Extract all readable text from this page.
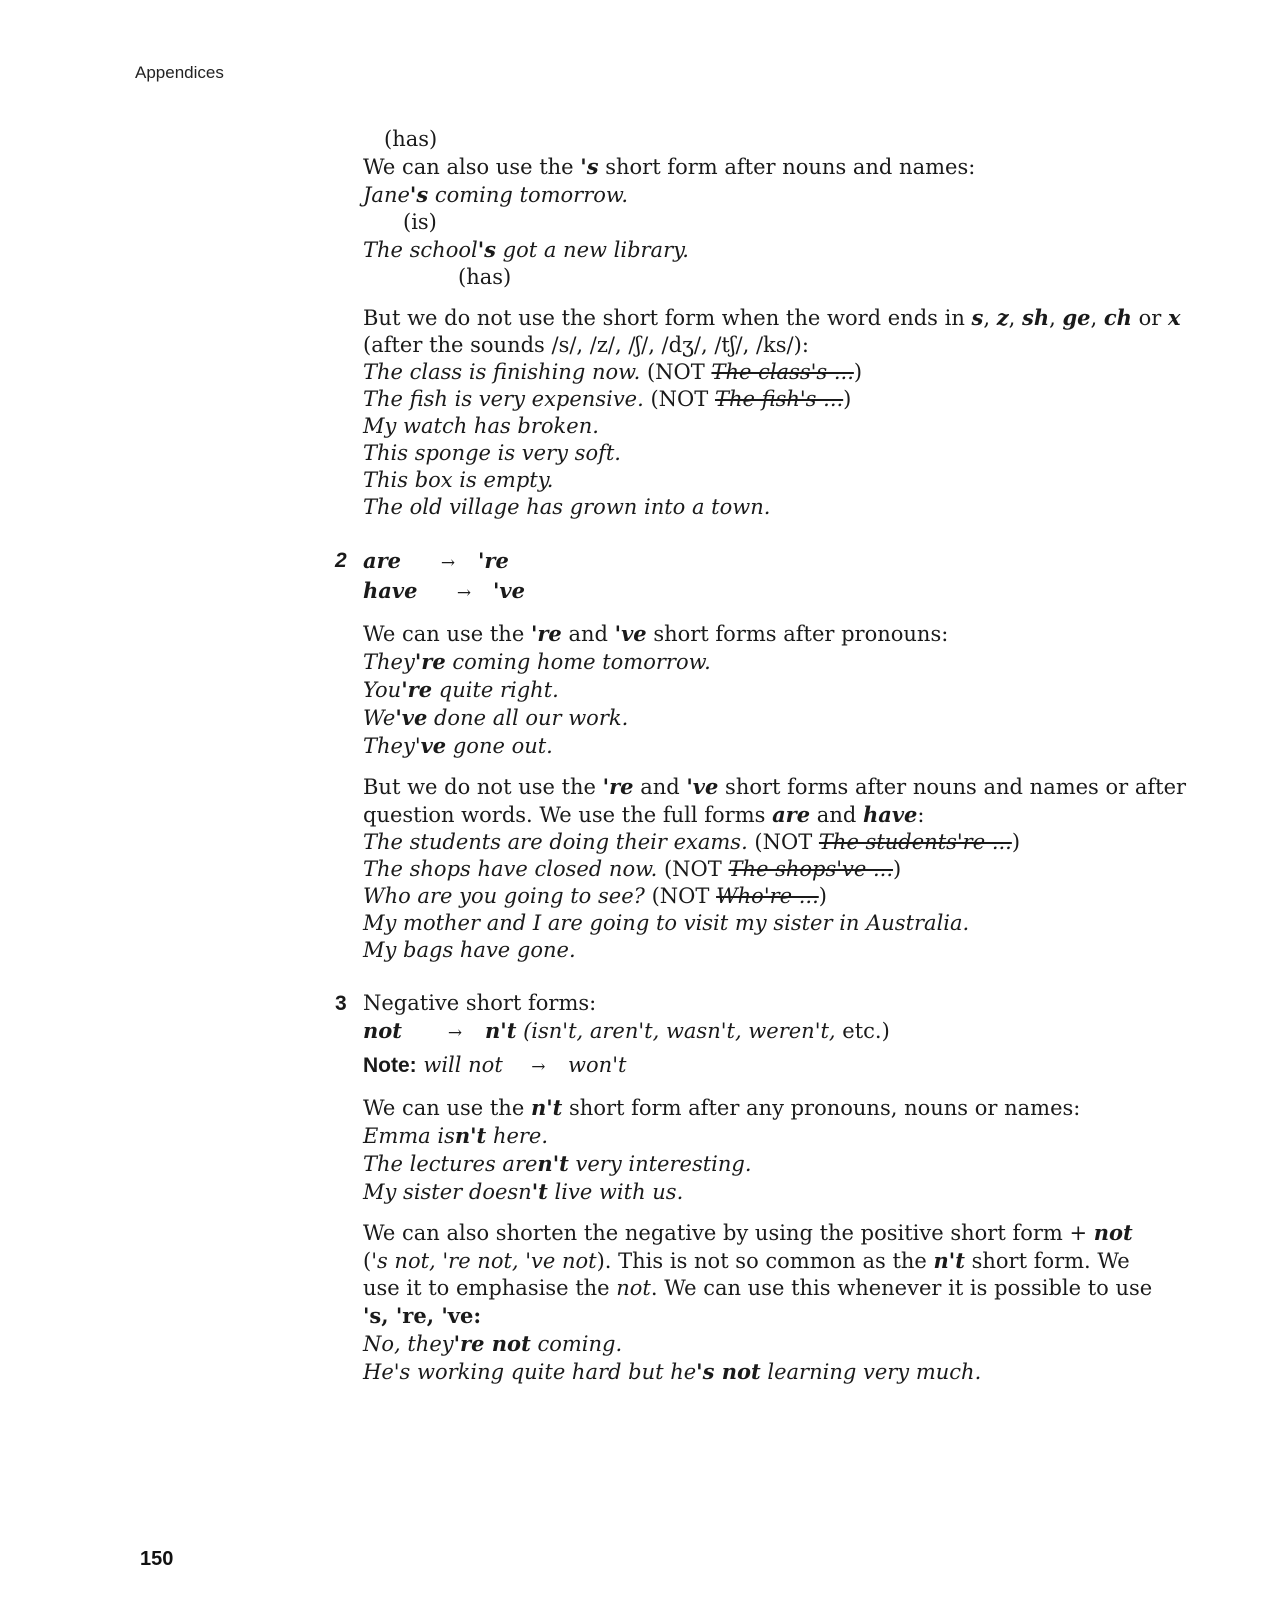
Appendices
(has)
We can also use the 's short form after nouns and names:
Jane's coming tomorrow.
(is)
The school's got a new library.
(has)
But we do not use the short form when the word ends in s, z, sh, ge, ch or x
(after the sounds /s/, /z/, /ʃ/, /dʒ/, /tʃ/, /ks/):
The class is finishing now. (NOT The class's ...)
The fish is very expensive. (NOT The fish's ...)
My watch has broken.
This sponge is very soft.
This box is empty.
The old village has grown into a town.
2 are → 're
have → 've
We can use the 're and 've short forms after pronouns:
They're coming home tomorrow.
You're quite right.
We've done all our work.
They've gone out.
But we do not use the 're and 've short forms after nouns and names or after
question words. We use the full forms are and have:
The students are doing their exams. (NOT The students're ...)
The shops have closed now. (NOT The shops've ...)
Who are you going to see? (NOT Who're ...)
My mother and I are going to visit my sister in Australia.
My bags have gone.
3 Negative short forms:
not	→ n't (isn't, aren't, wasn't, weren't, etc.)
Note: will not → won't
We can use the n't short form after any pronouns, nouns or names:
Emma isn't here.
The lectures aren't very interesting.
My sister doesn't live with us.
We can also shorten the negative by using the positive short form + not
('s not, 're not, 've not). This is not so common as the n't short form. We
use it to emphasise the not. We can use this whenever it is possible to use
's, 're, 've:
No, they're not coming.
He's working quite hard but he's not learning very much.
150
